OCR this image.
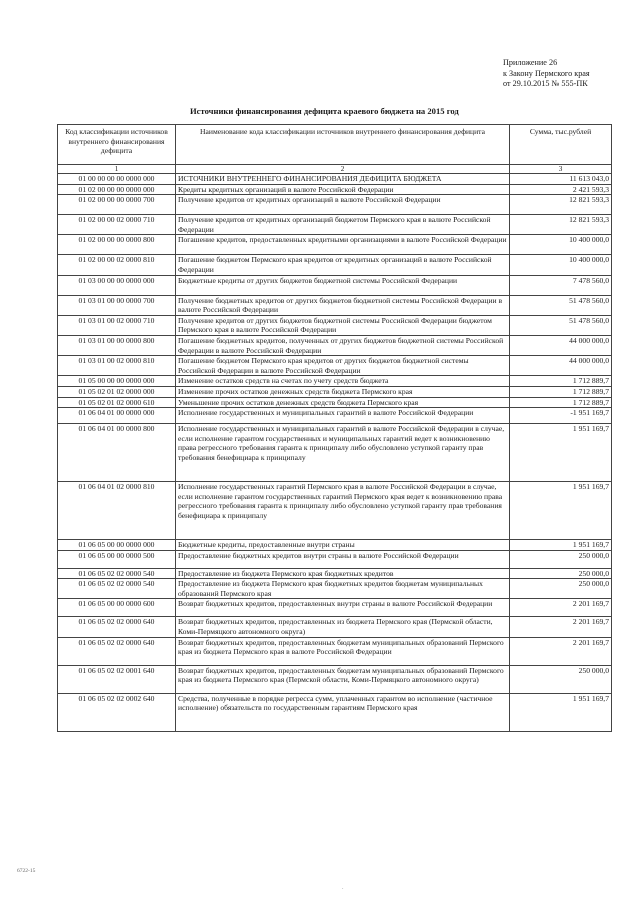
Приложение 26
к Закону Пермского края
от 29.10.2015 № 555-ПК
Источники финансирования дефицита краевого бюджета на 2015 год
Код классификации источников внутреннего финансирования дефицита	Наименование кода классификации источников внутреннего финансирования дефицита	Сумма, тыс.рублей
1	2	3
01 00 00 00 00 0000 000	ИСТОЧНИКИ ВНУТРЕННЕГО ФИНАНСИРОВАНИЯ ДЕФИЦИТА БЮДЖЕТА	11 613 043,0
01 02 00 00 00 0000 000	Кредиты кредитных организаций в валюте Российской Федерации	2 421 593,3
01 02 00 00 00 0000 700	Получение кредитов от кредитных организаций в валюте Российской Федерации	12 821 593,3
01 02 00 00 02 0000 710	Получение кредитов от кредитных организаций бюджетом Пермского края в валюте Российской Федерации	12 821 593,3
01 02 00 00 00 0000 800	Погашение кредитов, предоставленных кредитными организациями в валюте Российской Федерации	10 400 000,0
01 02 00 00 02 0000 810	Погашение бюджетом Пермского края кредитов от кредитных организаций в валюте Российской Федерации	10 400 000,0
01 03 00 00 00 0000 000	Бюджетные кредиты от других бюджетов бюджетной системы Российской Федерации	7 478 560,0
01 03 01 00 00 0000 700	Получение бюджетных кредитов от других бюджетов бюджетной системы Российской Федерации в валюте Российской Федерации	51 478 560,0
01 03 01 00 02 0000 710	Получение кредитов от других бюджетов бюджетной системы Российской Федерации бюджетом Пермского края в валюте Российской Федерации	51 478 560,0
01 03 01 00 00 0000 800	Погашение бюджетных кредитов, полученных от других бюджетов бюджетной системы Российской Федерации в валюте Российской Федерации	44 000 000,0
01 03 01 00 02 0000 810	Погашение бюджетом Пермского края кредитов от других бюджетов бюджетной системы Российской Федерации в валюте Российской Федерации	44 000 000,0
01 05 00 00 00 0000 000	Изменение остатков средств на счетах по учету средств бюджета	1 712 889,7
01 05 02 01 02 0000 000	Изменение прочих остатков денежных средств бюджета Пермского края	1 712 889,7
01 05 02 01 02 0000 610	Уменьшение прочих остатков денежных средств бюджета Пермского края	1 712 889,7
01 06 04 01 00 0000 000	Исполнение государственных и муниципальных гарантий в валюте Российской Федерации	-1 951 169,7
01 06 04 01 00 0000 800	Исполнение государственных и муниципальных гарантий в валюте Российской Федерации в случае, если исполнение гарантом государственных и муниципальных гарантий ведет к возникновению права регрессного требования гаранта к принципалу либо обусловлено уступкой гаранту прав требования бенефициара к принципалу	1 951 169,7
01 06 04 01 02 0000 810	Исполнение государственных гарантий Пермского края в валюте Российской Федерации в случае, если исполнение гарантом государственных гарантий Пермского края ведет к возникновению права регрессного требования гаранта к принципалу либо обусловлено уступкой гаранту прав требования бенефициара к принципалу	1 951 169,7
01 06 05 00 00 0000 000	Бюджетные кредиты, предоставленные внутри страны	1 951 169,7
01 06 05 00 00 0000 500	Предоставление бюджетных кредитов внутри страны в валюте Российской Федерации	250 000,0
01 06 05 02 02 0000 540	Предоставление из бюджета Пермского края бюджетных кредитов	250 000,0
01 06 05 02 02 0000 540	Предоставление из бюджета Пермского края бюджетных кредитов бюджетам муниципальных образований Пермского края	250 000,0
01 06 05 00 00 0000 600	Возврат бюджетных кредитов, предоставленных внутри страны в валюте Российской Федерации	2 201 169,7
01 06 05 02 02 0000 640	Возврат бюджетных кредитов, предоставленных из бюджета Пермского края (Пермской области, Коми-Пермяцкого автономного округа)	2 201 169,7
01 06 05 02 02 0000 640	Возврат бюджетных кредитов, предоставленных бюджетам муниципальных образований Пермского края из бюджета Пермского края в валюте Российской Федерации	2 201 169,7
01 06 05 02 02 0001 640	Возврат бюджетных кредитов, предоставленных бюджетам муниципальных образований Пермского края из бюджета Пермского края (Пермской области, Коми-Пермяцкого автономного округа)	250 000,0
01 06 05 02 02 0002 640	Средства, полученные в порядке регресса сумм, уплаченных гарантом во исполнение (частичное исполнение) обязательств по государственным гарантиям Пермского края	1 951 169,7
6722-15
.
